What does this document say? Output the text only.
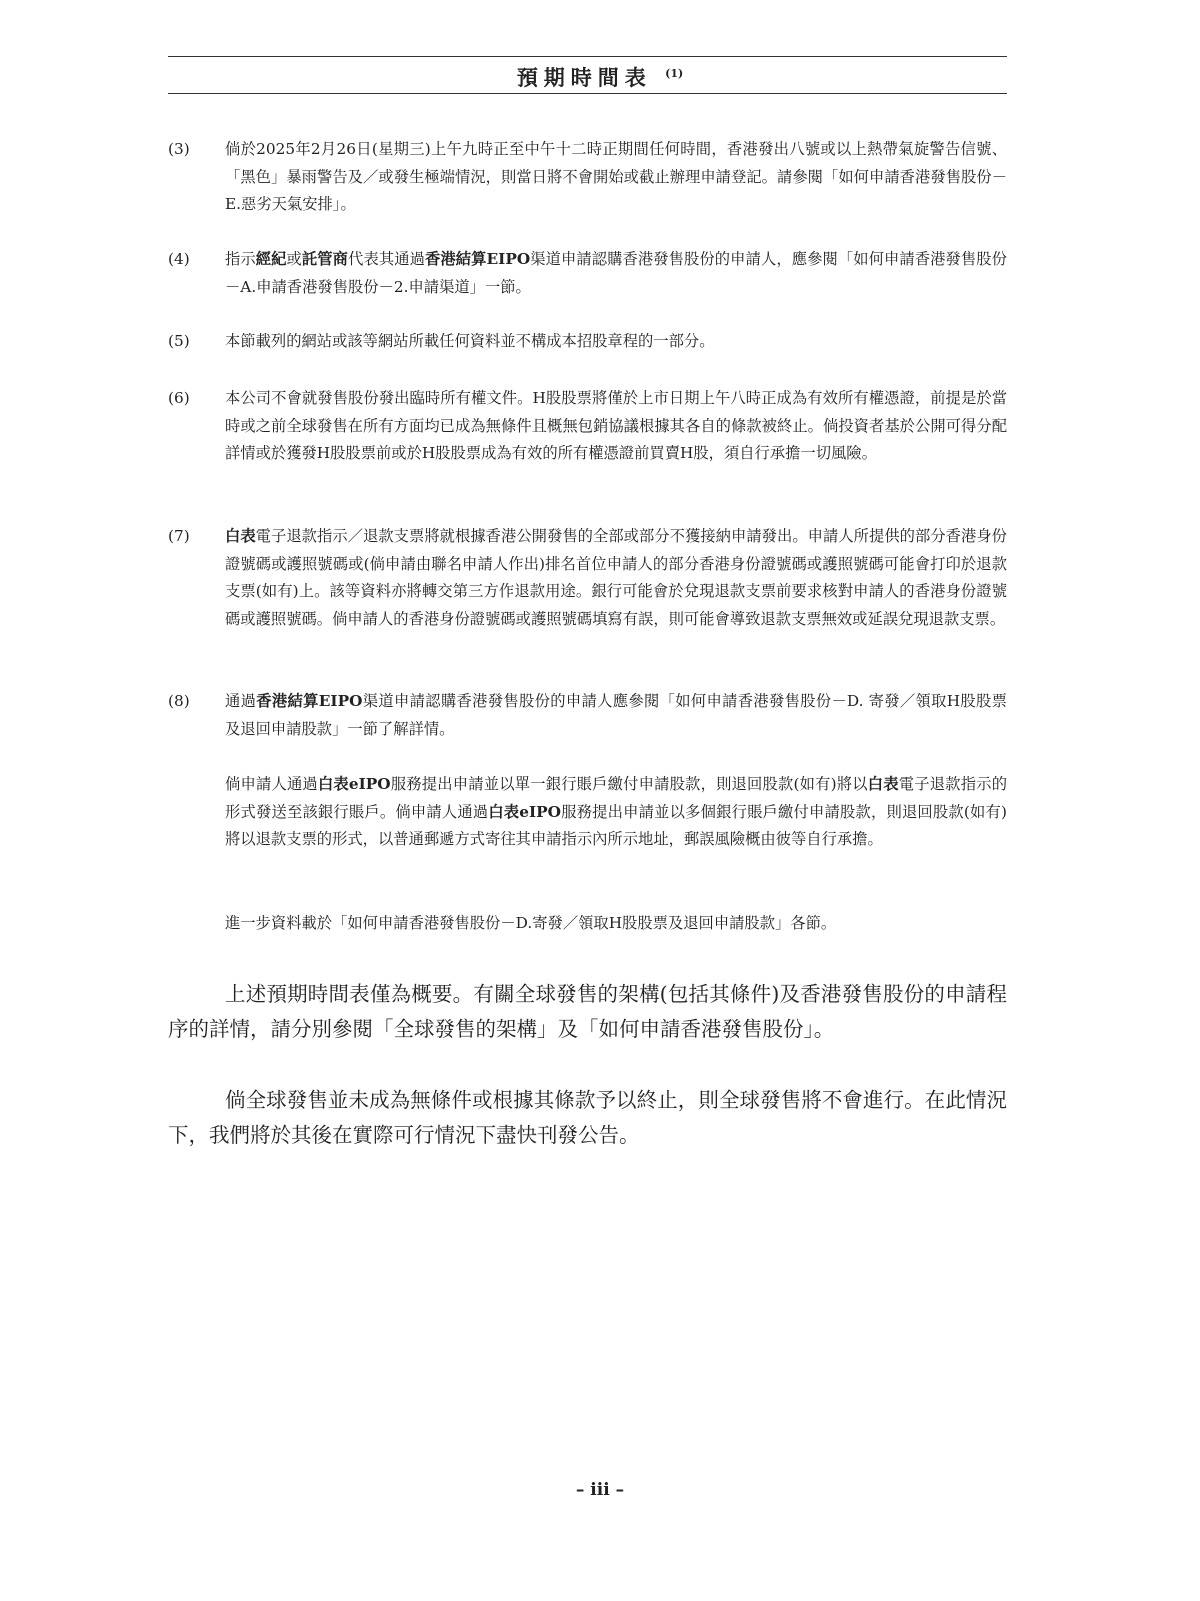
預期時間表 $^{(1)}$
(3) 倘於2025年2月26日(星期三)上午九時正至中午十二時正期間任何時間，香港發出八號或以上熱帶氣旋警告信號、「黑色」暴雨警告及／或發生極端情況，則當日將不會開始或截止辦理申請登記。請參閱「如何申請香港發售股份－E.惡劣天氣安排」。
(4) 指示經紀或託管商代表其通過香港結算EIPO渠道申請認購香港發售股份的申請人，應參閱「如何申請香港發售股份－A.申請香港發售股份－2.申請渠道」一節。
(5) 本節載列的網站或該等網站所載任何資料並不構成本招股章程的一部分。
(6) 本公司不會就發售股份發出臨時所有權文件。H股股票將僅於上市日期上午八時正成為有效所有權憑證，前提是於當時或之前全球發售在所有方面均已成為無條件且概無包銷協議根據其各自的條款被終止。倘投資者基於公開可得分配詳情或於獲發H股股票前或於H股股票成為有效的所有權憑證前買賣H股，須自行承擔一切風險。
(7) 白表電子退款指示／退款支票將就根據香港公開發售的全部或部分不獲接納申請發出。申請人所提供的部分香港身份證號碼或護照號碼或(倘申請由聯名申請人作出)排名首位申請人的部分香港身份證號碼或護照號碼可能會打印於退款支票(如有)上。該等資料亦將轉交第三方作退款用途。銀行可能會於兌現退款支票前要求核對申請人的香港身份證號碼或護照號碼。倘申請人的香港身份證號碼或護照號碼填寫有誤，則可能會導致退款支票無效或延誤兌現退款支票。
(8) 通過香港結算EIPO渠道申請認購香港發售股份的申請人應參閱「如何申請香港發售股份－D. 寄發／領取H股股票及退回申請股款」一節了解詳情。
倘申請人通過白表eIPO服務提出申請並以單一銀行賬戶繳付申請股款，則退回股款(如有)將以白表電子退款指示的形式發送至該銀行賬戶。倘申請人通過白表eIPO服務提出申請並以多個銀行賬戶繳付申請股款，則退回股款(如有)將以退款支票的形式，以普通郵遞方式寄往其申請指示內所示地址，郵誤風險概由彼等自行承擔。
進一步資料載於「如何申請香港發售股份－D.寄發／領取H股股票及退回申請股款」各節。
上述預期時間表僅為概要。有關全球發售的架構(包括其條件)及香港發售股份的申請程序的詳情，請分別參閱「全球發售的架構」及「如何申請香港發售股份」。
倘全球發售並未成為無條件或根據其條款予以終止，則全球發售將不會進行。在此情況下，我們將於其後在實際可行情況下盡快刊發公告。
– iii –
